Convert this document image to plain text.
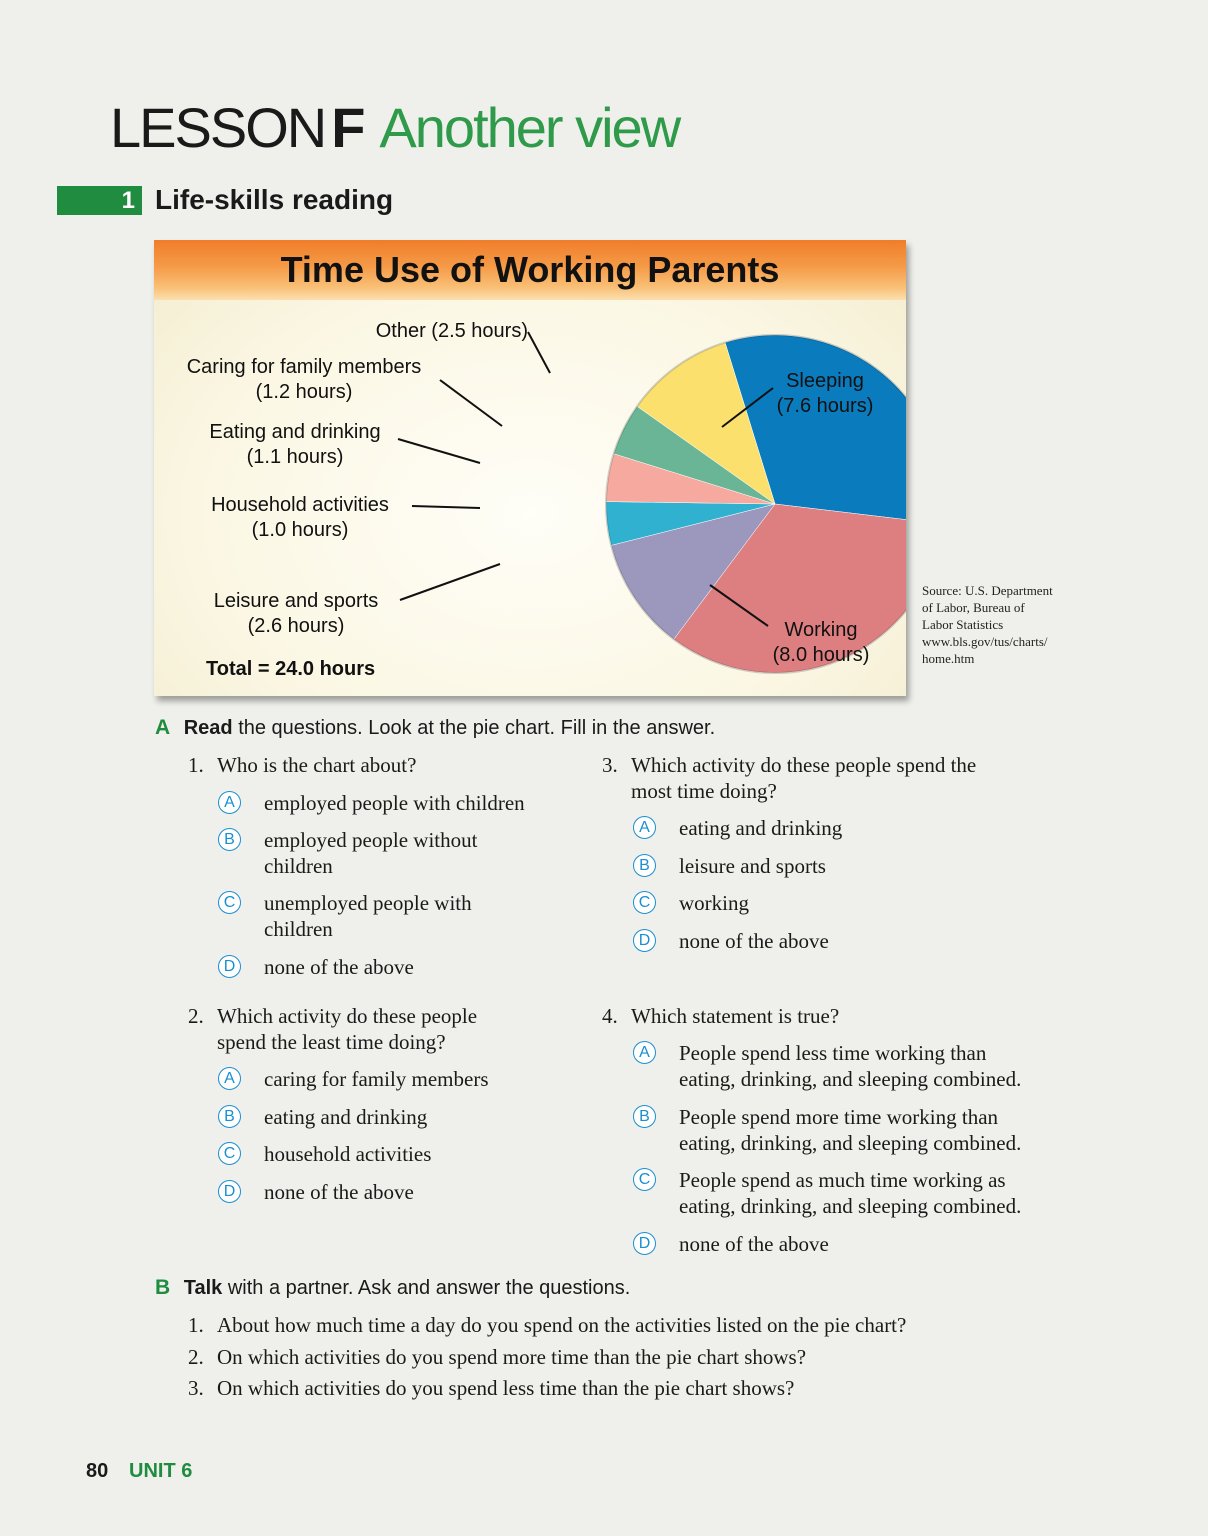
LESSON F Another view
1 Life-skills reading
Time Use of Working Parents
Other (2.5 hours)
Caring for family members
(1.2 hours)
Eating and drinking
(1.1 hours)
Household activities
(1.0 hours)
Leisure and sports
(2.6 hours)
Sleeping
(7.6 hours)
Working
(8.0 hours)
Total = 24.0 hours
Source: U.S. Department
of Labor, Bureau of
Labor Statistics
www.bls.gov/tus/charts/
home.htm
A Read the questions. Look at the pie chart. Fill in the answer.
1. Who is the chart about?
A employed people with children
B employed people without
children
C unemployed people with
children
D none of the above
2. Which activity do these people
spend the least time doing?
A caring for family members
B eating and drinking
C household activities
D none of the above
3. Which activity do these people spend the
most time doing?
A eating and drinking
B leisure and sports
C working
D none of the above
4. Which statement is true?
A People spend less time working than
eating, drinking, and sleeping combined.
B People spend more time working than
eating, drinking, and sleeping combined.
C People spend as much time working as
eating, drinking, and sleeping combined.
D none of the above
B Talk with a partner. Ask and answer the questions.
1. About how much time a day do you spend on the activities listed on the pie chart?
2. On which activities do you spend more time than the pie chart shows?
3. On which activities do you spend less time than the pie chart shows?
80 UNIT 6
